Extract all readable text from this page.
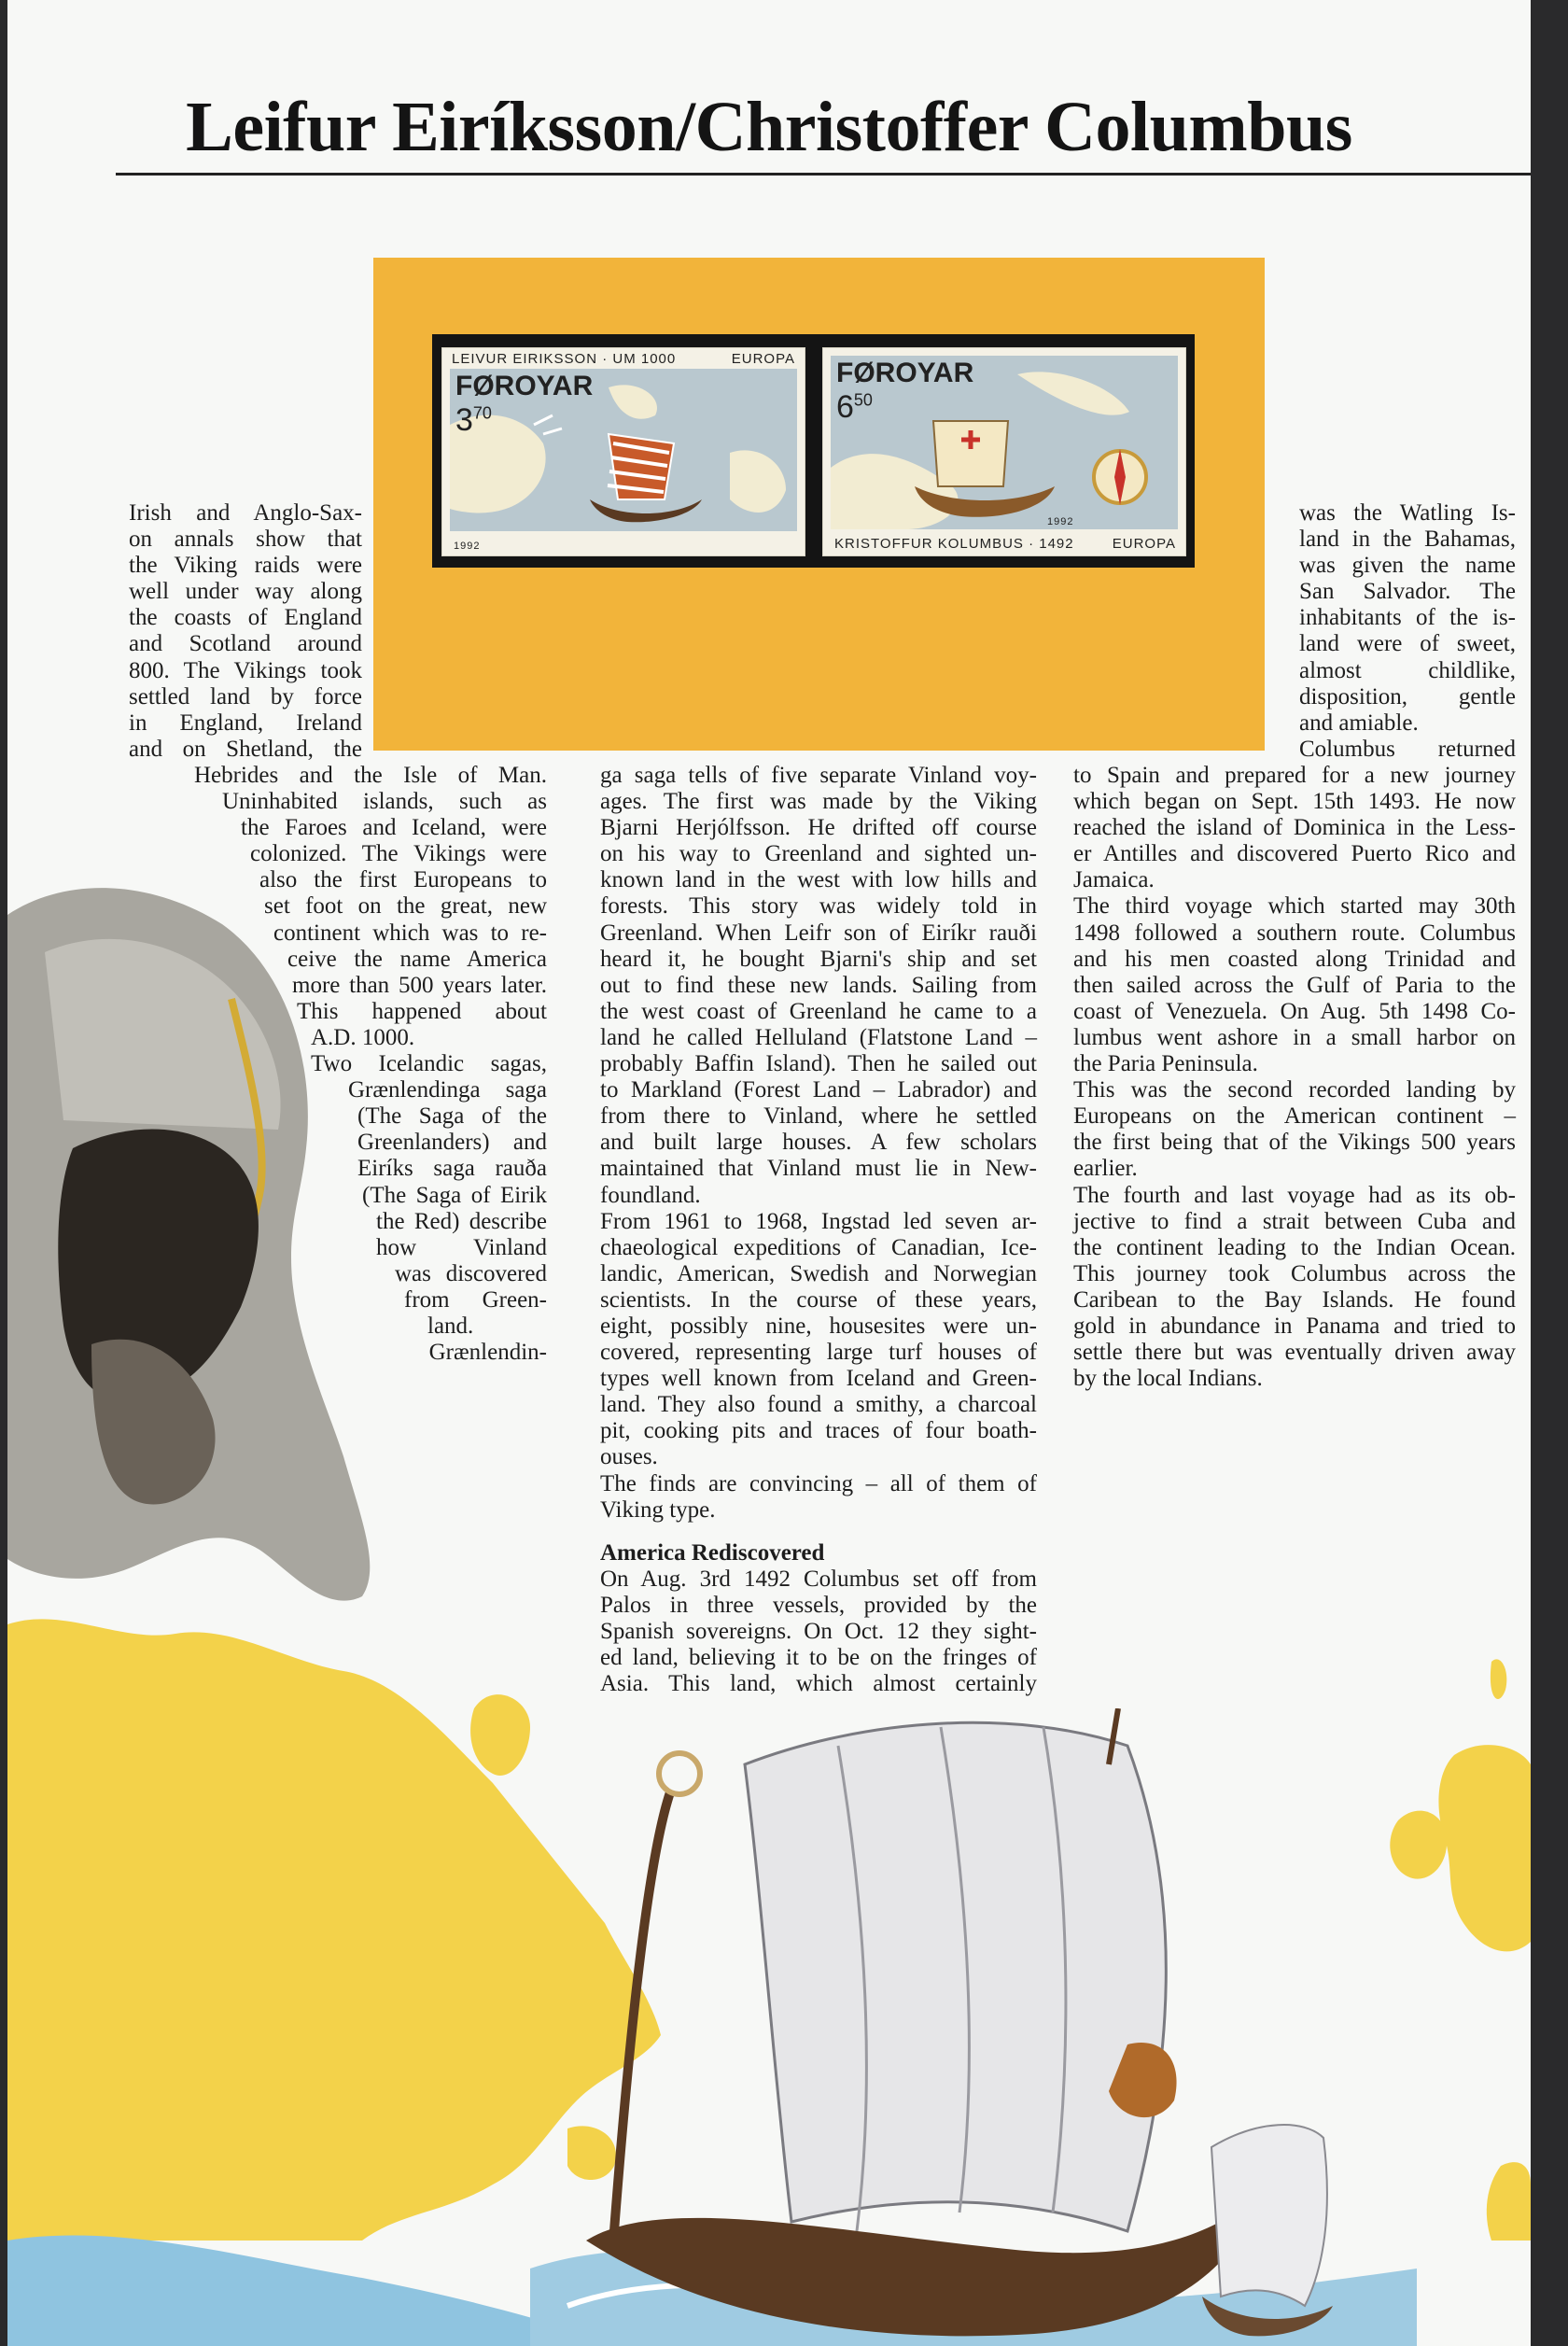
Leifur Eiríksson/Christoffer Columbus
LEIVUR EIRIKSSON · UM 1000	EUROPA
FØROYAR
$3^{70}$
1992
FØROYAR
$6^{50}$
KRISTOFFUR KOLUMBUS · 1492	EUROPA
1992

Irish and Anglo-Sax-

on annals show that

the Viking raids were

well under way along

the coasts of England

and Scotland around

800. The Vikings took

settled land by force

in England, Ireland

and on Shetland, the

Hebrides and the Isle of Man.

Uninhabited islands, such as

the Faroes and Iceland, were

colonized. The Vikings were

also the first Europeans to

set foot on the great, new

continent which was to re-

ceive the name America

more than 500 years later.

This happened about

A.D. 1000.

Two Icelandic sagas,

Grænlendinga saga

(The Saga of the

Greenlanders) and

Eiríks saga rauða

(The Saga of Eirik

the Red) describe

how Vinland

was discovered

from Green-

land.

Grænlendin-

ga saga tells of five separate Vinland voy-

ages. The first was made by the Viking

Bjarni Herjólfsson. He drifted off course

on his way to Greenland and sighted un-

known land in the west with low hills and

forests. This story was widely told in

Greenland. When Leifr son of Eiríkr rauði

heard it, he bought Bjarni's ship and set

out to find these new lands. Sailing from

the west coast of Greenland he came to a

land he called Helluland (Flatstone Land –

probably Baffin Island). Then he sailed out

to Markland (Forest Land – Labrador) and

from there to Vinland, where he settled

and built large houses. A few scholars

maintained that Vinland must lie in New-

foundland.

From 1961 to 1968, Ingstad led seven ar-

chaeological expeditions of Canadian, Ice-

landic, American, Swedish and Norwegian

scientists. In the course of these years,

eight, possibly nine, housesites were un-

covered, representing large turf houses of

types well known from Iceland and Green-

land. They also found a smithy, a charcoal

pit, cooking pits and traces of four boath-

ouses.

The finds are convincing – all of them of

Viking type.

America Rediscovered

On Aug. 3rd 1492 Columbus set off from

Palos in three vessels, provided by the

Spanish sovereigns. On Oct. 12 they sight-

ed land, believing it to be on the fringes of

Asia. This land, which almost certainly

was the Watling Is-

land in the Bahamas,

was given the name

San Salvador. The

inhabitants of the is-

land were of sweet,

almost childlike,

disposition, gentle

and amiable.

Columbus returned

to Spain and prepared for a new journey

which began on Sept. 15th 1493. He now

reached the island of Dominica in the Less-

er Antilles and discovered Puerto Rico and

Jamaica.

The third voyage which started may 30th

1498 followed a southern route. Columbus

and his men coasted along Trinidad and

then sailed across the Gulf of Paria to the

coast of Venezuela. On Aug. 5th 1498 Co-

lumbus went ashore in a small harbor on

the Paria Peninsula.

This was the second recorded landing by

Europeans on the American continent –

the first being that of the Vikings 500 years

earlier.

The fourth and last voyage had as its ob-

jective to find a strait between Cuba and

the continent leading to the Indian Ocean.

This journey took Columbus across the

Caribean to the Bay Islands. He found

gold in abundance in Panama and tried to

settle there but was eventually driven away

by the local Indians.
